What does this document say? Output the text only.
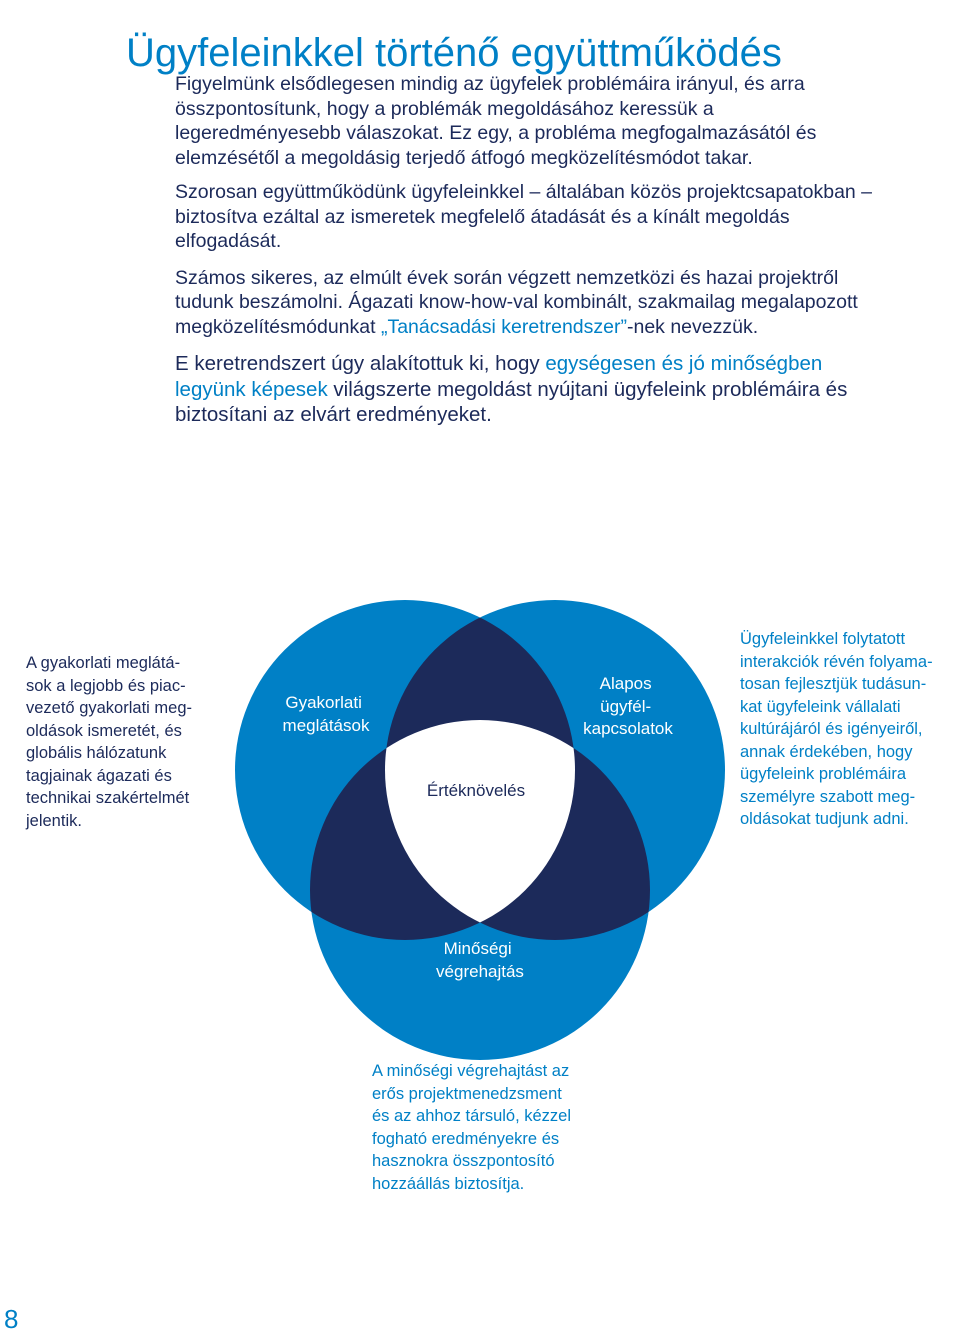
Ügyfeleinkkel történő együttműködés

Figyelmünk elsődlegesen mindig az ügyfelek problémáira irányul, és arra összpontosítunk, hogy a problémák megoldásához keressük a legeredményesebb válaszokat. Ez egy, a probléma megfogalmazásától és elemzésétől a megoldásig terjedő átfogó megközelítésmódot takar.

Szorosan együttműködünk ügyfeleinkkel – általában közös projektcsapatokban – biztosítva ezáltal az ismeretek megfelelő átadását és a kínált megoldás elfogadását.

Számos sikeres, az elmúlt évek során végzett nemzetközi és hazai projektről tudunk beszámolni. Ágazati know-how-val kombinált, szakmailag megalapozott megközelítésmódunkat „Tanácsadási keretrendszer”-nek nevezzük.

E keretrendszert úgy alakítottuk ki, hogy egységesen és jó minőségben legyünk képesek világszerte megoldást nyújtani ügyfeleink problémáira és biztosítani az elvárt eredményeket.

A gyakorlati meglátá-
sok a legjobb és piac-
vezető gyakorlati meg-
oldások ismeretét, és
globális hálózatunk
tagjainak ágazati és
technikai szakértelmét
jelentik.
Ügyfeleinkkel folytatott
interakciók révén folyama-
tosan fejlesztjük tudásun-
kat ügyfeleink vállalati
kultúrájáról és igényeiről,
annak érdekében, hogy
ügyfeleink problémáira
személyre szabott meg-
oldásokat tudjunk adni.
A minőségi végrehajtást az
erős projektmenedzsment
és az ahhoz társuló, kézzel
fogható eredményekre és
hasznokra összpontosító
hozzáállás biztosítja.
Gyakorlati meglátások
Alapos ügyfél- kapcsolatok
Minőségi végrehajtás
Értéknövelés
8
